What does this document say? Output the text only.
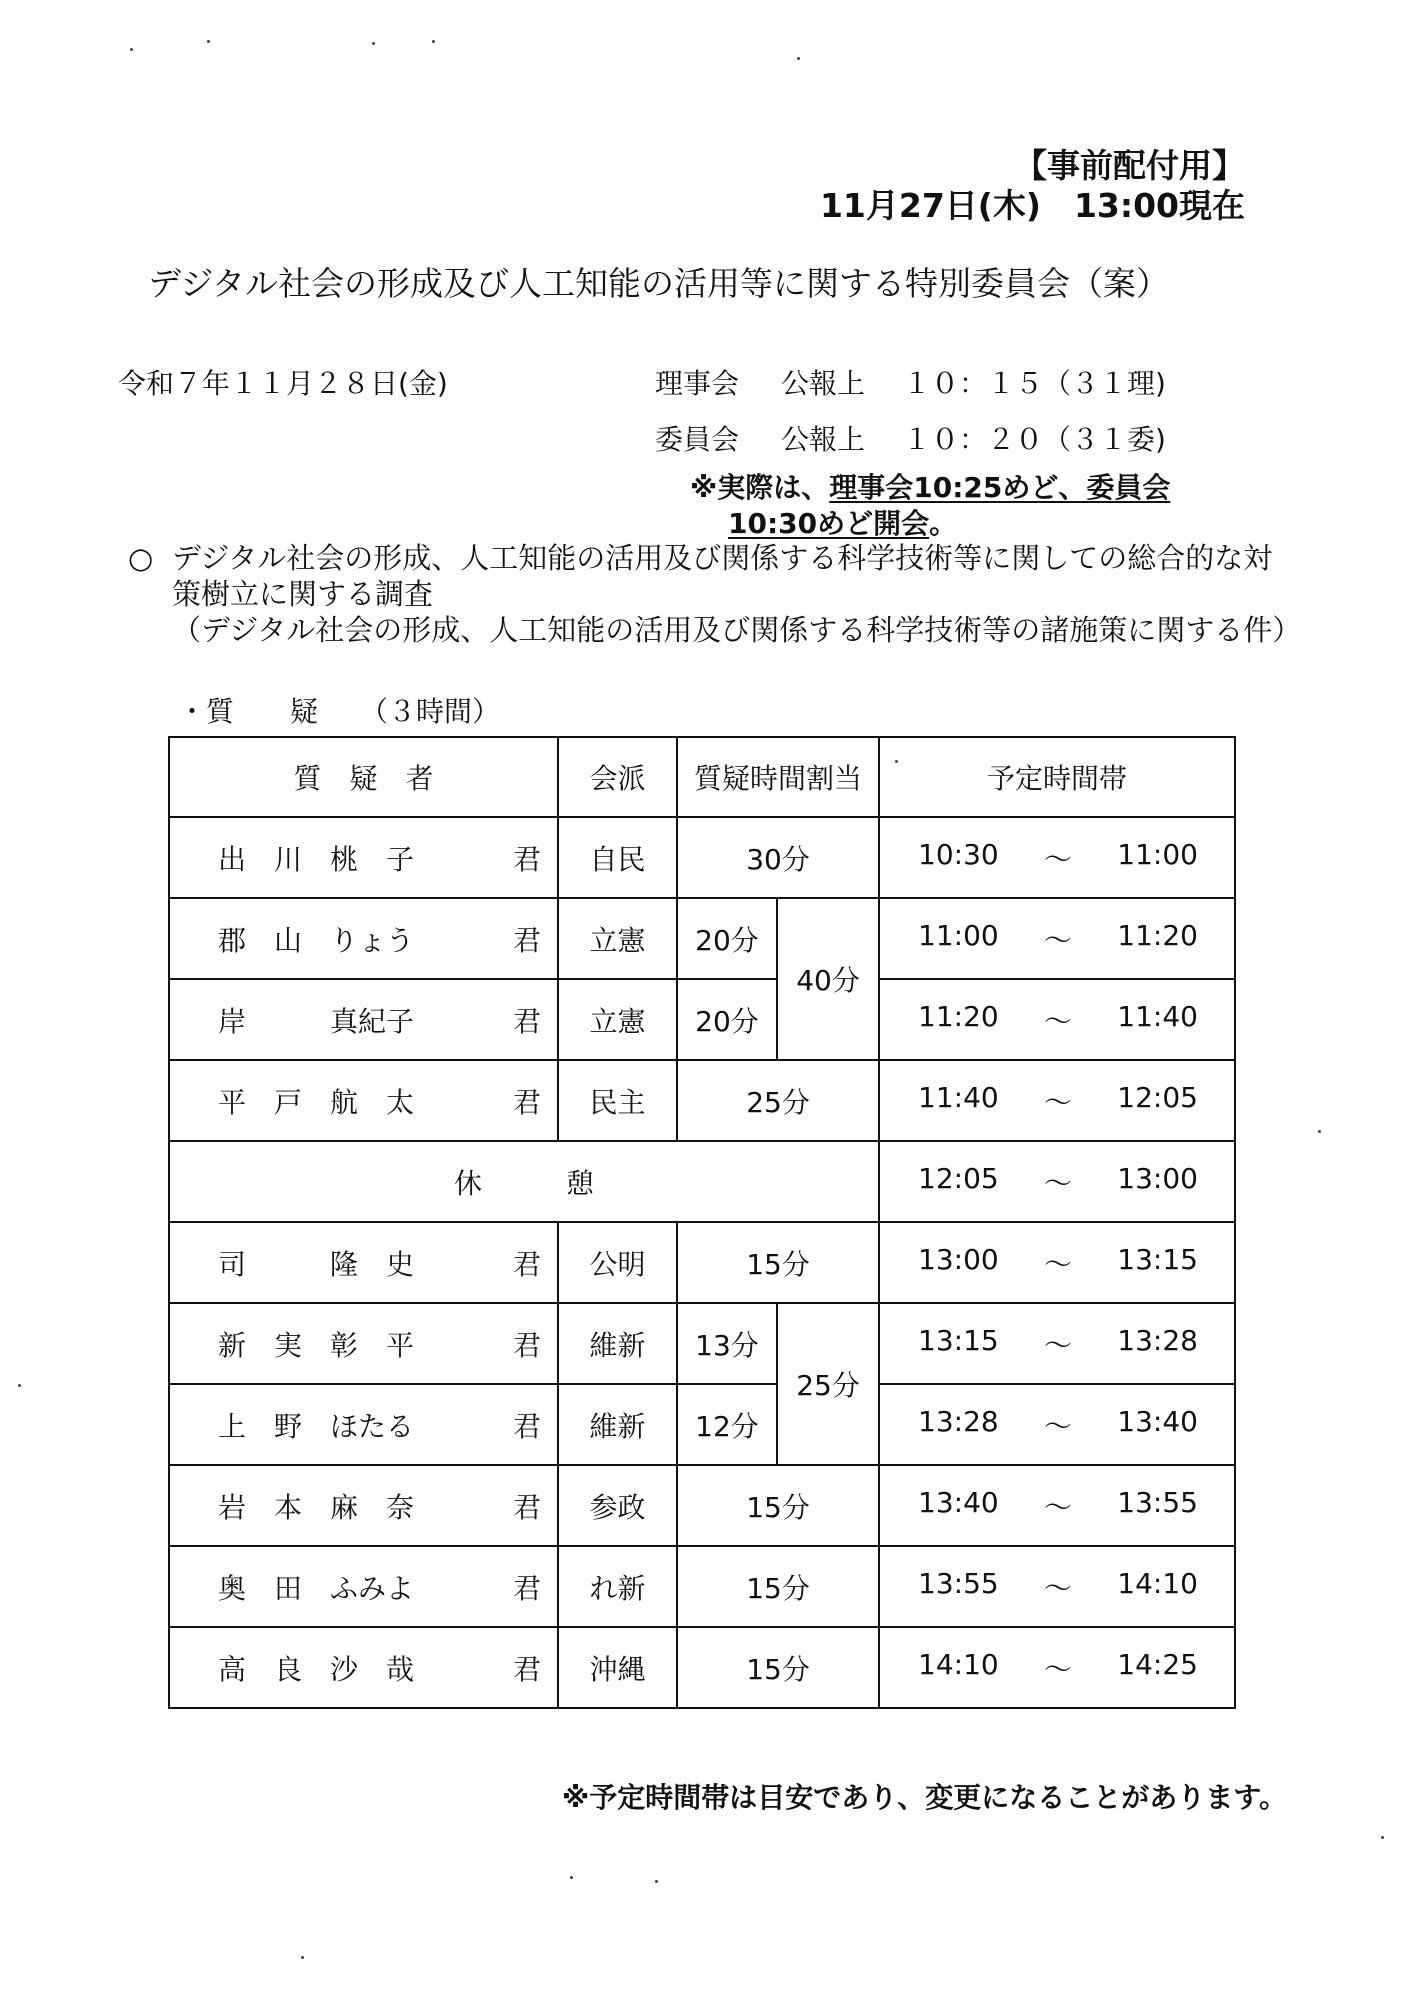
【事前配付用】
11月27日(木)　13:00現在
デジタル社会の形成及び人工知能の活用等に関する特別委員会（案）
令和７年１１月２８日(金)	理事会 公報上 １０：１５（３１理)
委員会 公報上 １０：２０（３１委)
※実際は、理事会10:25めど、委員会
10:30めど開会。
○ デジタル社会の形成、人工知能の活用及び関係する科学技術等に関しての総合的な対策樹立に関する調査
（デジタル社会の形成、人工知能の活用及び関係する科学技術等の諸施策に関する件）
・質　　疑　　（３時間）
質　疑　者	会派	質疑時間割当		予定時間帯
出　川　桃　子 君	自民	30分		10:30 ～ 11:00

郡　山　りょう 君	立憲	20分	40分	11:00 ～ 11:20

岸　　　真紀子 君	立憲	20分		11:20 ～ 11:40

平　戸　航　太 君	民主	25分		11:40 ～ 12:05

休　　　憩				12:05 ～ 13:00

司　　　隆　史 君	公明	15分		13:00 ～ 13:15

新　実　彰　平 君	維新	13分	25分	13:15 ～ 13:28

上　野　ほたる 君	維新	12分		13:28 ～ 13:40

岩　本　麻　奈 君	参政	15分		13:40 ～ 13:55

奥　田　ふみよ 君	れ新	15分		13:55 ～ 14:10

高　良　沙　哉 君	沖縄	15分		14:10 ～ 14:25
※予定時間帯は目安であり、変更になることがあります。
